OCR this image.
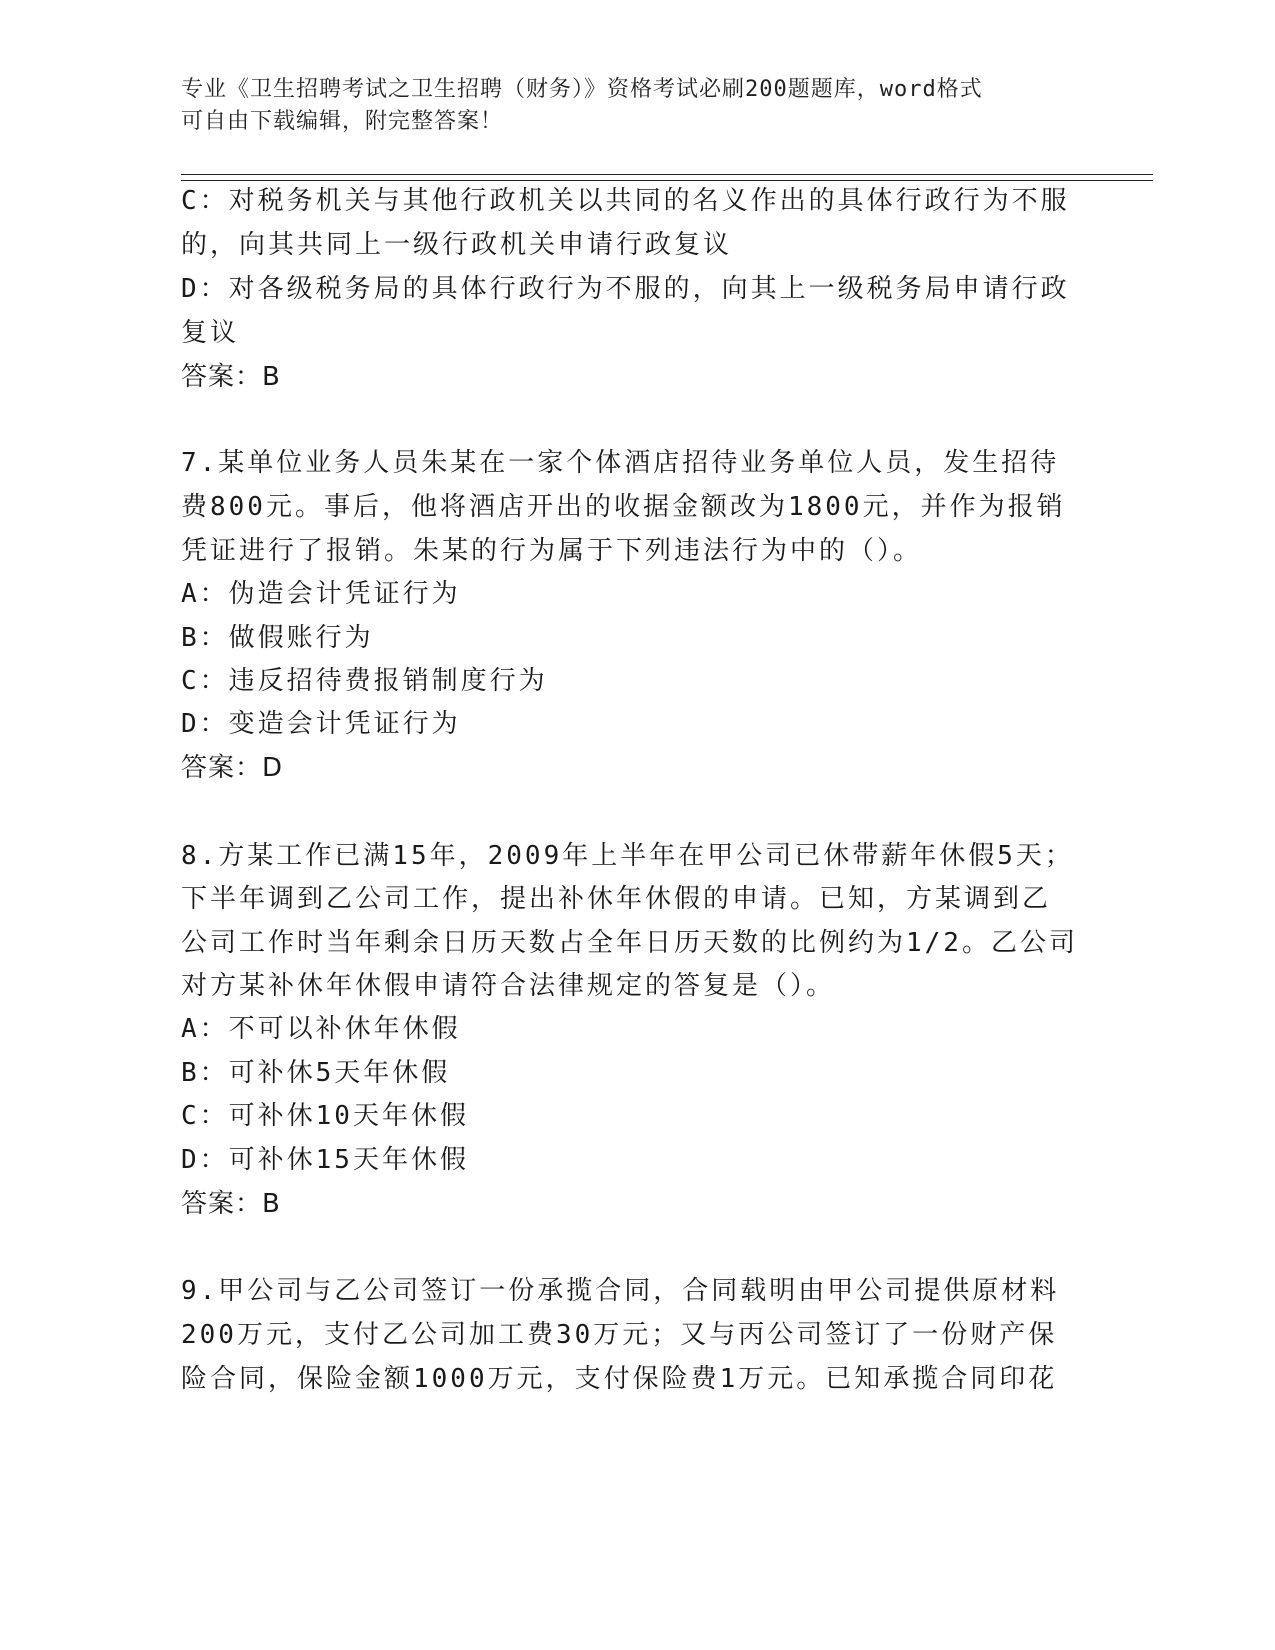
专业《卫生招聘考试之卫生招聘（财务）》资格考试必刷200题题库，word格式
可自由下载编辑，附完整答案！
C：对税务机关与其他行政机关以共同的名义作出的具体行政行为不服
的，向其共同上一级行政机关申请行政复议
D：对各级税务局的具体行政行为不服的，向其上一级税务局申请行政
复议
答案：B
7.某单位业务人员朱某在一家个体酒店招待业务单位人员，发生招待
费800元。事后，他将酒店开出的收据金额改为1800元，并作为报销
凭证进行了报销。朱某的行为属于下列违法行为中的（）。
A：伪造会计凭证行为
B：做假账行为
C：违反招待费报销制度行为
D：变造会计凭证行为
答案：D
8.方某工作已满15年，2009年上半年在甲公司已休带薪年休假5天；
下半年调到乙公司工作，提出补休年休假的申请。已知，方某调到乙
公司工作时当年剩余日历天数占全年日历天数的比例约为1/2。乙公司
对方某补休年休假申请符合法律规定的答复是（）。
A：不可以补休年休假
B：可补休5天年休假
C：可补休10天年休假
D：可补休15天年休假
答案：B
9.甲公司与乙公司签订一份承揽合同，合同载明由甲公司提供原材料
200万元，支付乙公司加工费30万元；又与丙公司签订了一份财产保
险合同，保险金额1000万元，支付保险费1万元。已知承揽合同印花
